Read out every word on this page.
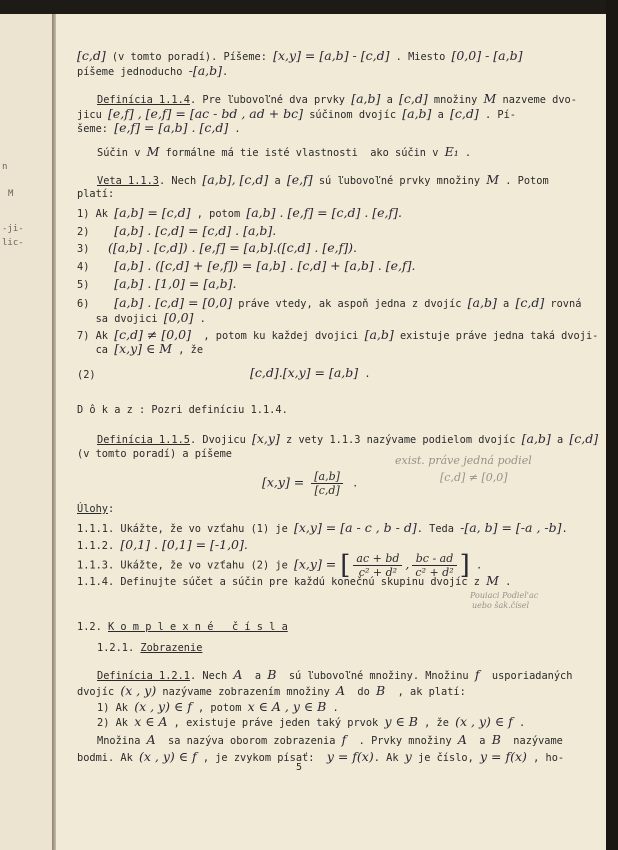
n
M
-ji-
lic-
[c,d] (v tomto poradí). Píšeme: [x,y] = [a,b] - [c,d] . Miesto [0,0] - [a,b]
píšeme jednoducho -[a,b].
Definícia 1.1.4. Pre ľubovoľné dva prvky [a,b] a [c,d] množiny M nazveme dvo-
jicu [e,f] , [e,f] = [ac - bd , ad + bc] súčinom dvojíc [a,b] a [c,d] . Pí-
šeme: [e,f] = [a,b] . [c,d] .
Súčin v M formálne má tie isté vlastnosti  ako súčin v E₁ .
Veta 1.1.3. Nech [a,b], [c,d] a [e,f] sú ľubovoľné prvky množiny M . Potom
platí:
1) Ak [a,b] = [c,d] , potom [a,b] . [e,f] = [c,d] . [e,f].
2)    [a,b] . [c,d] = [c,d] . [a,b].
3)   ([a,b] . [c,d]) . [e,f] = [a,b].([c,d] . [e,f]).
4)    [a,b] . ([c,d] + [e,f]) = [a,b] . [c,d] + [a,b] . [e,f].
5)    [a,b] . [1,0] = [a,b].
6)    [a,b] . [c,d] = [0,0] práve vtedy, ak aspoň jedna z dvojíc [a,b] a [c,d] rovná
sa dvojici [0,0] .
7) Ak [c,d] ≠ [0,0]  , potom ku každej dvojici [a,b] existuje práve jedna taká dvoji-
ca [x,y] ∈ M , že
(2)	[c,d].[x,y] = [a,b] .
D ô k a z : Pozri definíciu 1.1.4.
Definícia 1.1.5. Dvojicu [x,y] z vety 1.1.3 nazývame podielom dvojíc [a,b] a [c,d]
(v tomto poradí) a píšeme
$[x,y] = \frac{[a,b]}{[c,d]}$ .
Úlohy:
1.1.1. Ukážte, že vo vzťahu (1) je [x,y] = [a - c , b - d]. Teda -[a, b] = [-a , -b].
1.1.2. [0,1] . [0,1] = [-1,0].
1.1.3. Ukážte, že vo vzťahu (2) je [x,y] = [ $\frac{ac + bd}{\text{c² + d²}}$ , $\frac{bc - ad}{\text{c² + d²}}$ ] .
1.1.4. Definujte súčet a súčin pre každú konečnú skupinu dvojíc z M .
1.2. K o m p l e x n é   č í s l a
1.2.1. Zobrazenie
Definícia 1.2.1. Nech A  a B  sú ľubovoľné množiny. Množinu f  usporiadaných
dvojíc (x , y) nazývame zobrazením množiny A  do B  , ak platí:
1) Ak (x , y) ∈ f , potom x ∈ A , y ∈ B .
2) Ak x ∈ A , existuje práve jeden taký prvok y ∈ B , že (x , y) ∈ f .
Množina A  sa nazýva oborom zobrazenia f  . Prvky množiny A  a B  nazývame
bodmi. Ak (x , y) ∈ f , je zvykom písať:  y = f(x). Ak y je číslo, y = f(x) , ho-
exist. práve jedná podiel
[c,d] ≠ [0,0]
Pouiaci Podiel'ac
uebo šak.čísel
5
